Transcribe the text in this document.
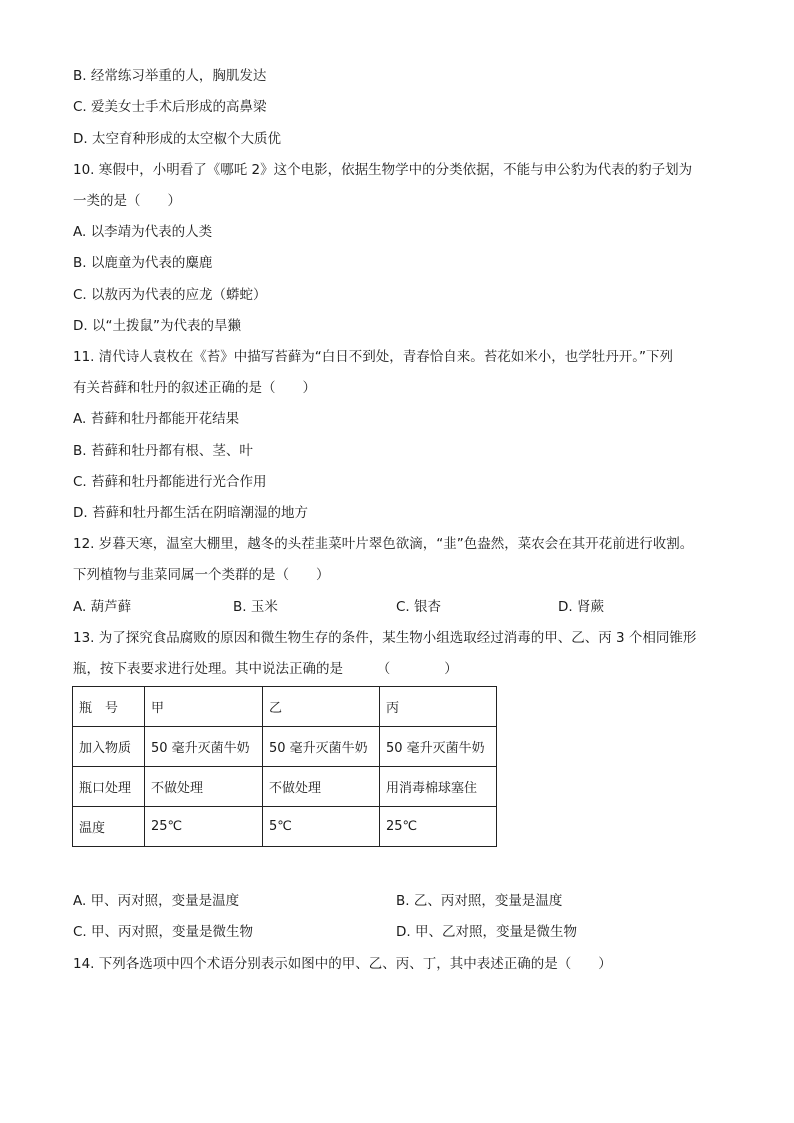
B. 经常练习举重的人，胸肌发达
C. 爱美女士手术后形成的高鼻梁
D. 太空育种形成的太空椒个大质优
10. 寒假中，小明看了《哪吒 2》这个电影，依据生物学中的分类依据，不能与申公豹为代表的豹子划为
一类的是（　　）
A. 以李靖为代表的人类
B. 以鹿童为代表的麋鹿
C. 以敖丙为代表的应龙（蟒蛇）
D. 以“土拨鼠”为代表的旱獭
11. 清代诗人袁枚在《苔》中描写苔藓为“白日不到处，青春恰自来。苔花如米小，也学牡丹开。”下列
有关苔藓和牡丹的叙述正确的是（　　）
A. 苔藓和牡丹都能开花结果
B. 苔藓和牡丹都有根、茎、叶
C. 苔藓和牡丹都能进行光合作用
D. 苔藓和牡丹都生活在阴暗潮湿的地方
12. 岁暮天寒，温室大棚里，越冬的头茬韭菜叶片翠色欲滴，“韭”色盎然，菜农会在其开花前进行收割。
下列植物与韭菜同属一个类群的是（　　）
A. 葫芦藓	B. 玉米	C. 银杏	D. 肾蕨
13. 为了探究食品腐败的原因和微生物生存的条件，某生物小组选取经过消毒的甲、乙、丙 3 个相同锥形
瓶，按下表要求进行处理。其中说法正确的是　　　（　　　　）
瓶　号	甲	乙	丙
加入物质	50 毫升灭菌牛奶	50 毫升灭菌牛奶	50 毫升灭菌牛奶
瓶口处理	不做处理	不做处理	用消毒棉球塞住
温度	25℃	5℃	25℃
A. 甲、丙对照，变量是温度	B. 乙、丙对照，变量是温度
C. 甲、丙对照，变量是微生物	D. 甲、乙对照，变量是微生物
14. 下列各选项中四个术语分别表示如图中的甲、乙、丙、丁，其中表述正确的是（　　）
